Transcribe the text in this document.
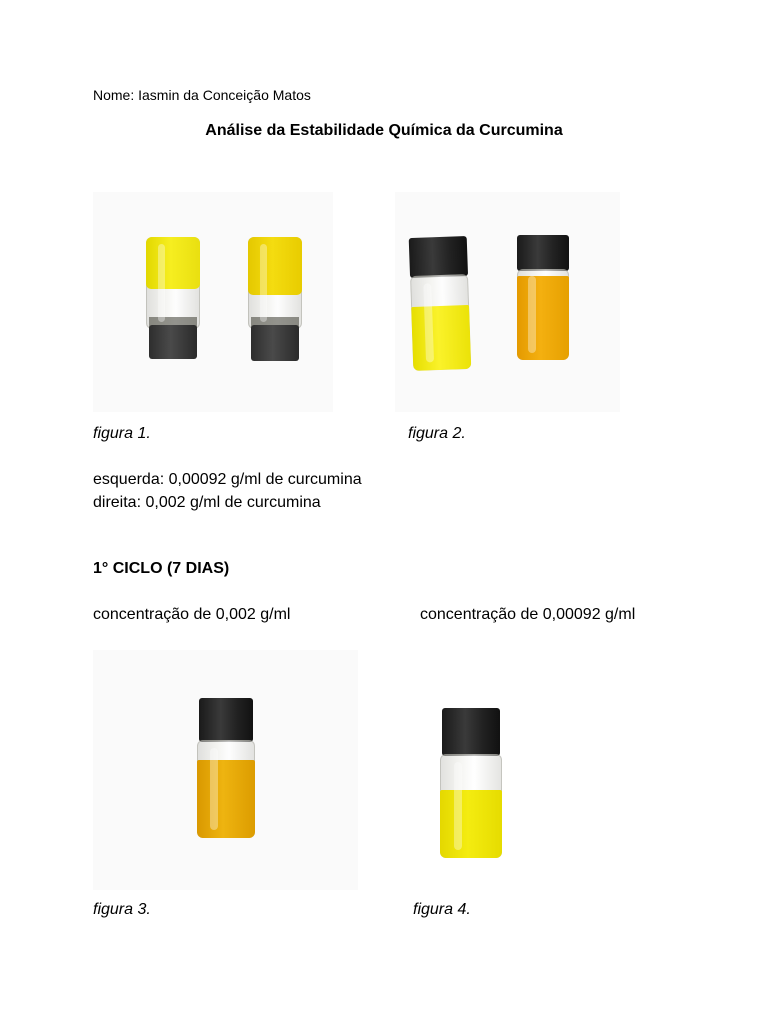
Nome: Iasmin da Conceição Matos
Análise da Estabilidade Química da Curcumina
figura 1.	figura 2.
esquerda: 0,00092 g/ml de curcumina
direita: 0,002 g/ml de curcumina
1° CICLO (7 DIAS)
concentração de 0,002 g/ml	concentração de 0,00092 g/ml
figura 3.	figura 4.
